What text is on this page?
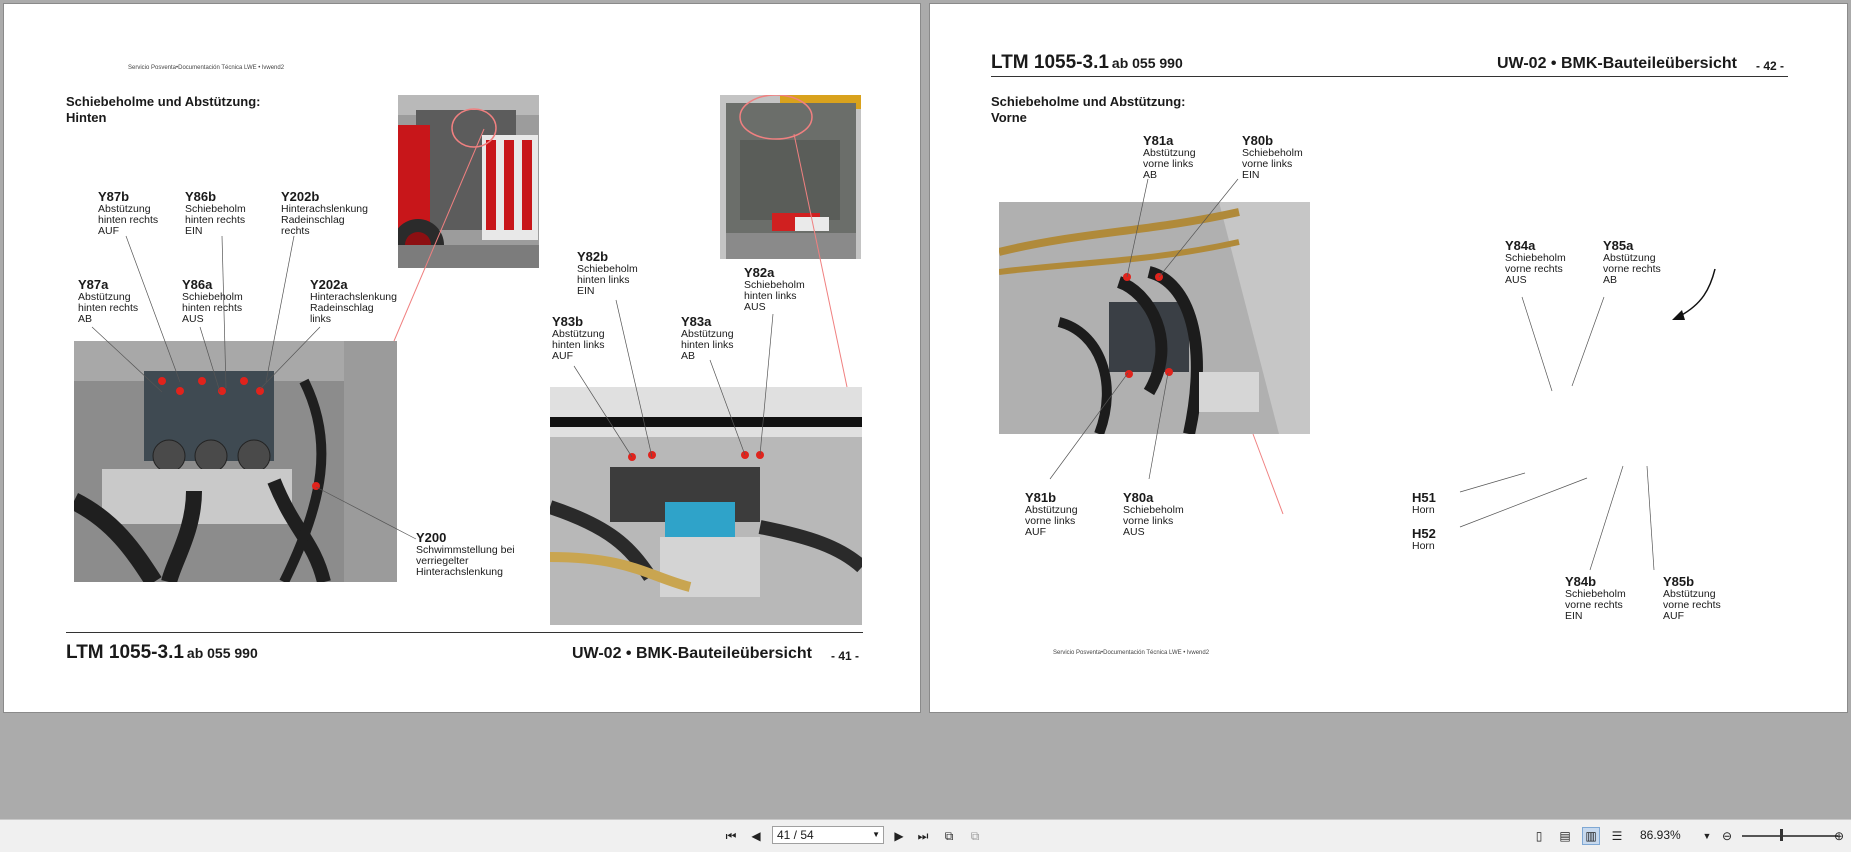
Servicio Posventa•Documentación Técnica LWE • lvwend2
Schiebeholme und Abstützung:
Hinten
Y87b
Abstützung
hinten rechts
AUF
Y86b
Schiebeholm
hinten rechts
EIN
Y202b
Hinterachslenkung
Radeinschlag
rechts
Y87a
Abstützung
hinten rechts
AB
Y86a
Schiebeholm
hinten rechts
AUS
Y202a
Hinterachslenkung
Radeinschlag
links
Y200
Schwimmstellung bei
verriegelter
Hinterachslenkung
Y82b
Schiebeholm
hinten links
EIN
Y82a
Schiebeholm
hinten links
AUS
Y83b
Abstützung
hinten links
AUF
Y83a
Abstützung
hinten links
AB
LTM 1055-3.1 ab 055 990	UW-02 • BMK-Bauteileübersicht - 41 -
LTM 1055-3.1 ab 055 990	UW-02 • BMK-Bauteileübersicht - 42 -
Schiebeholme und Abstützung:
Vorne
Y81a
Abstützung
vorne links
AB
Y80b
Schiebeholm
vorne links
EIN
Y84a
Schiebeholm
vorne rechts
AUS
Y85a
Abstützung
vorne rechts
AB
Y81b
Abstützung
vorne links
AUF
Y80a
Schiebeholm
vorne links
AUS
H51
Horn
H52
Horn
Y84b
Schiebeholm
vorne rechts
EIN
Y85b
Abstützung
vorne rechts
AUF
Servicio Posventa•Documentación Técnica LWE • lvwend2
⏮ ◀	41 / 54	▼ ▶ ⏭ ⧉ ⧉	▯ ▤ ▥ ☰ 86.93% ▼ ⊖	⊕
